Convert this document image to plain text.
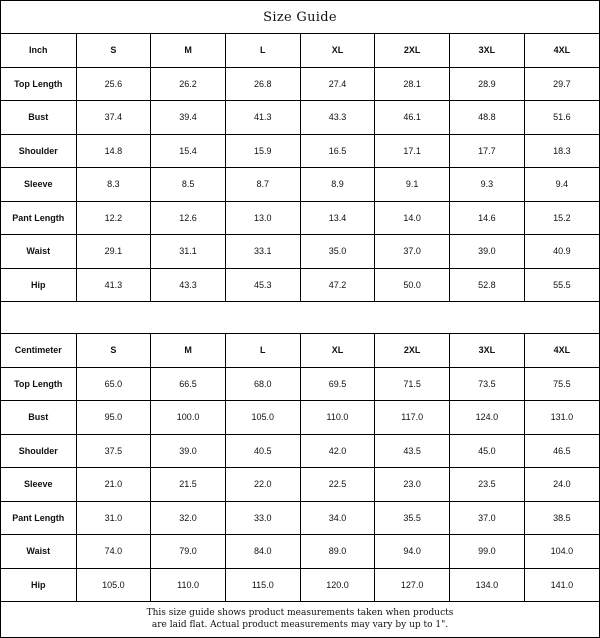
Size Guide
Inch	S	M	L	XL	2XL	3XL	4XL
Top Length	25.6	26.2	26.8	27.4	28.1	28.9	29.7
Bust	37.4	39.4	41.3	43.3	46.1	48.8	51.6
Shoulder	14.8	15.4	15.9	16.5	17.1	17.7	18.3
Sleeve	8.3	8.5	8.7	8.9	9.1	9.3	9.4
Pant Length	12.2	12.6	13.0	13.4	14.0	14.6	15.2
Waist	29.1	31.1	33.1	35.0	37.0	39.0	40.9
Hip	41.3	43.3	45.3	47.2	50.0	52.8	55.5
Centimeter	S	M	L	XL	2XL	3XL	4XL
Top Length	65.0	66.5	68.0	69.5	71.5	73.5	75.5
Bust	95.0	100.0	105.0	110.0	117.0	124.0	131.0
Shoulder	37.5	39.0	40.5	42.0	43.5	45.0	46.5
Sleeve	21.0	21.5	22.0	22.5	23.0	23.5	24.0
Pant Length	31.0	32.0	33.0	34.0	35.5	37.0	38.5
Waist	74.0	79.0	84.0	89.0	94.0	99.0	104.0
Hip	105.0	110.0	115.0	120.0	127.0	134.0	141.0
This size guide shows product measurements taken when products
are laid flat. Actual product measurements may vary by up to 1".
